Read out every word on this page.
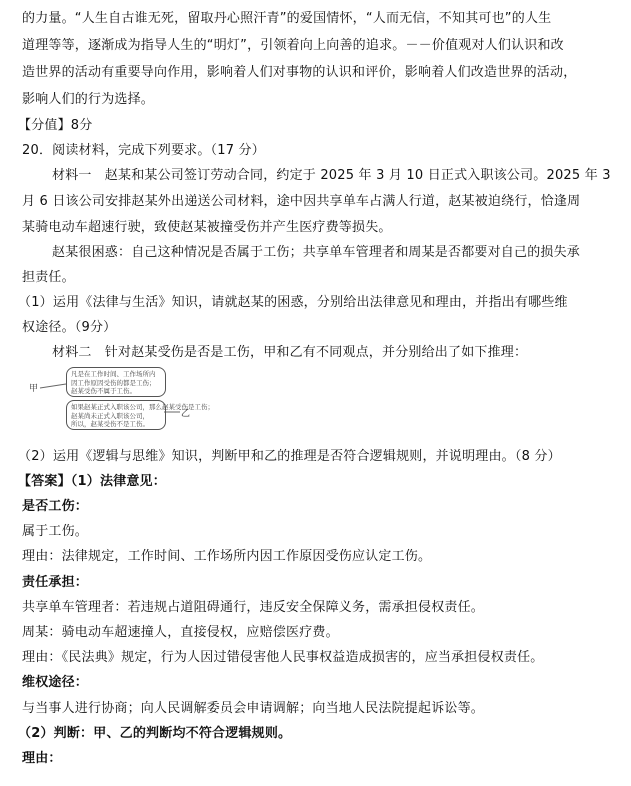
的力量。“人生自古谁无死，留取丹心照汗青”的爱国情怀，“人而无信，不知其可也”的人生
道理等等，逐渐成为指导人生的“明灯”，引领着向上向善的追求。－－价值观对人们认识和改
造世界的活动有重要导向作用，影响着人们对事物的认识和评价，影响着人们改造世界的活动，
影响人们的行为选择。
【分值】8分
20．阅读材料，完成下列要求。（17 分）
材料一　赵某和某公司签订劳动合同，约定于 2025 年 3 月 10 日正式入职该公司。2025 年 3
月 6 日该公司安排赵某外出递送公司材料，途中因共享单车占满人行道，赵某被迫绕行，恰逢周
某骑电动车超速行驶，致使赵某被撞受伤并产生医疗费等损失。
赵某很困惑：自己这种情况是否属于工伤；共享单车管理者和周某是否都要对自己的损失承
担责任。
（1）运用《法律与生活》知识，请就赵某的困惑，分别给出法律意见和理由，并指出有哪些维
权途径。（9分）
材料二　针对赵某受伤是否是工伤，甲和乙有不同观点，并分别给出了如下推理：
甲
凡是在工作时间、工作场所内
因工作原因受伤的都是工伤；
赵某受伤不属于工伤。
如果赵某正式入职该公司，那么赵某受伤是工伤；
赵某尚未正式入职该公司，
所以，赵某受伤不是工伤。
乙
（2）运用《逻辑与思维》知识，判断甲和乙的推理是否符合逻辑规则，并说明理由。（8 分）
【答案】（1）法律意见：
是否工伤：
属于工伤。
理由：法律规定，工作时间、工作场所内因工作原因受伤应认定工伤。
责任承担：
共享单车管理者：若违规占道阻碍通行，违反安全保障义务，需承担侵权责任。
周某：骑电动车超速撞人，直接侵权，应赔偿医疗费。
理由：《民法典》规定，行为人因过错侵害他人民事权益造成损害的，应当承担侵权责任。
维权途径：
与当事人进行协商；向人民调解委员会申请调解；向当地人民法院提起诉讼等。
（2）判断：甲、乙的判断均不符合逻辑规则。
理由：
